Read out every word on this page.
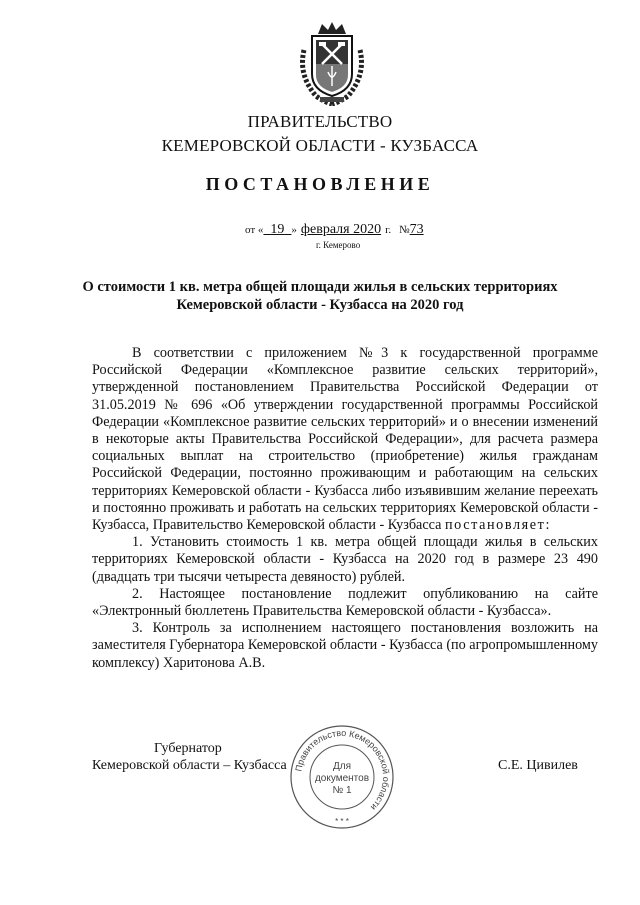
ПРАВИТЕЛЬСТВО
КЕМЕРОВСКОЙ ОБЛАСТИ - КУЗБАССА
ПОСТАНОВЛЕНИЕ
от « 19 » февраля 2020 г. №73
г. Кемерово
О стоимости 1 кв. метра общей площади жилья в сельских территориях Кемеровской области - Кузбасса на 2020 год

В соответствии с приложением №3 к государственной программе Российской Федерации «Комплексное развитие сельских территорий», утвержденной постановлением Правительства Российской Федерации от 31.05.2019 № 696 «Об утверждении государственной программы Российской Федерации «Комплексное развитие сельских территорий» и о внесении изменений в некоторые акты Правительства Российской Федерации», для расчета размера социальных выплат на строительство (приобретение) жилья гражданам Российской Федерации, постоянно проживающим и работающим на сельских территориях Кемеровской области - Кузбасса либо изъявившим желание переехать и постоянно проживать и работать на сельских территориях Кемеровской области - Кузбасса, Правительство Кемеровской области - Кузбасса постановляет:

1. Установить стоимость 1 кв. метра общей площади жилья в сельских территориях Кемеровской области - Кузбасса на 2020 год в размере 23 490 (двадцать три тысячи четыреста девяносто) рублей.

2. Настоящее постановление подлежит опубликованию на сайте «Электронный бюллетень Правительства Кемеровской области - Кузбасса».

3. Контроль за исполнением настоящего постановления возложить на заместителя Губернатора Кемеровской области - Кузбасса (по агропромышленному комплексу) Харитонова А.В.

Губернатор
Кемеровской области – Кузбасса	С.Е. Цивилев
Правительство Кемеровской области
Для
документов
№ 1
* * *
